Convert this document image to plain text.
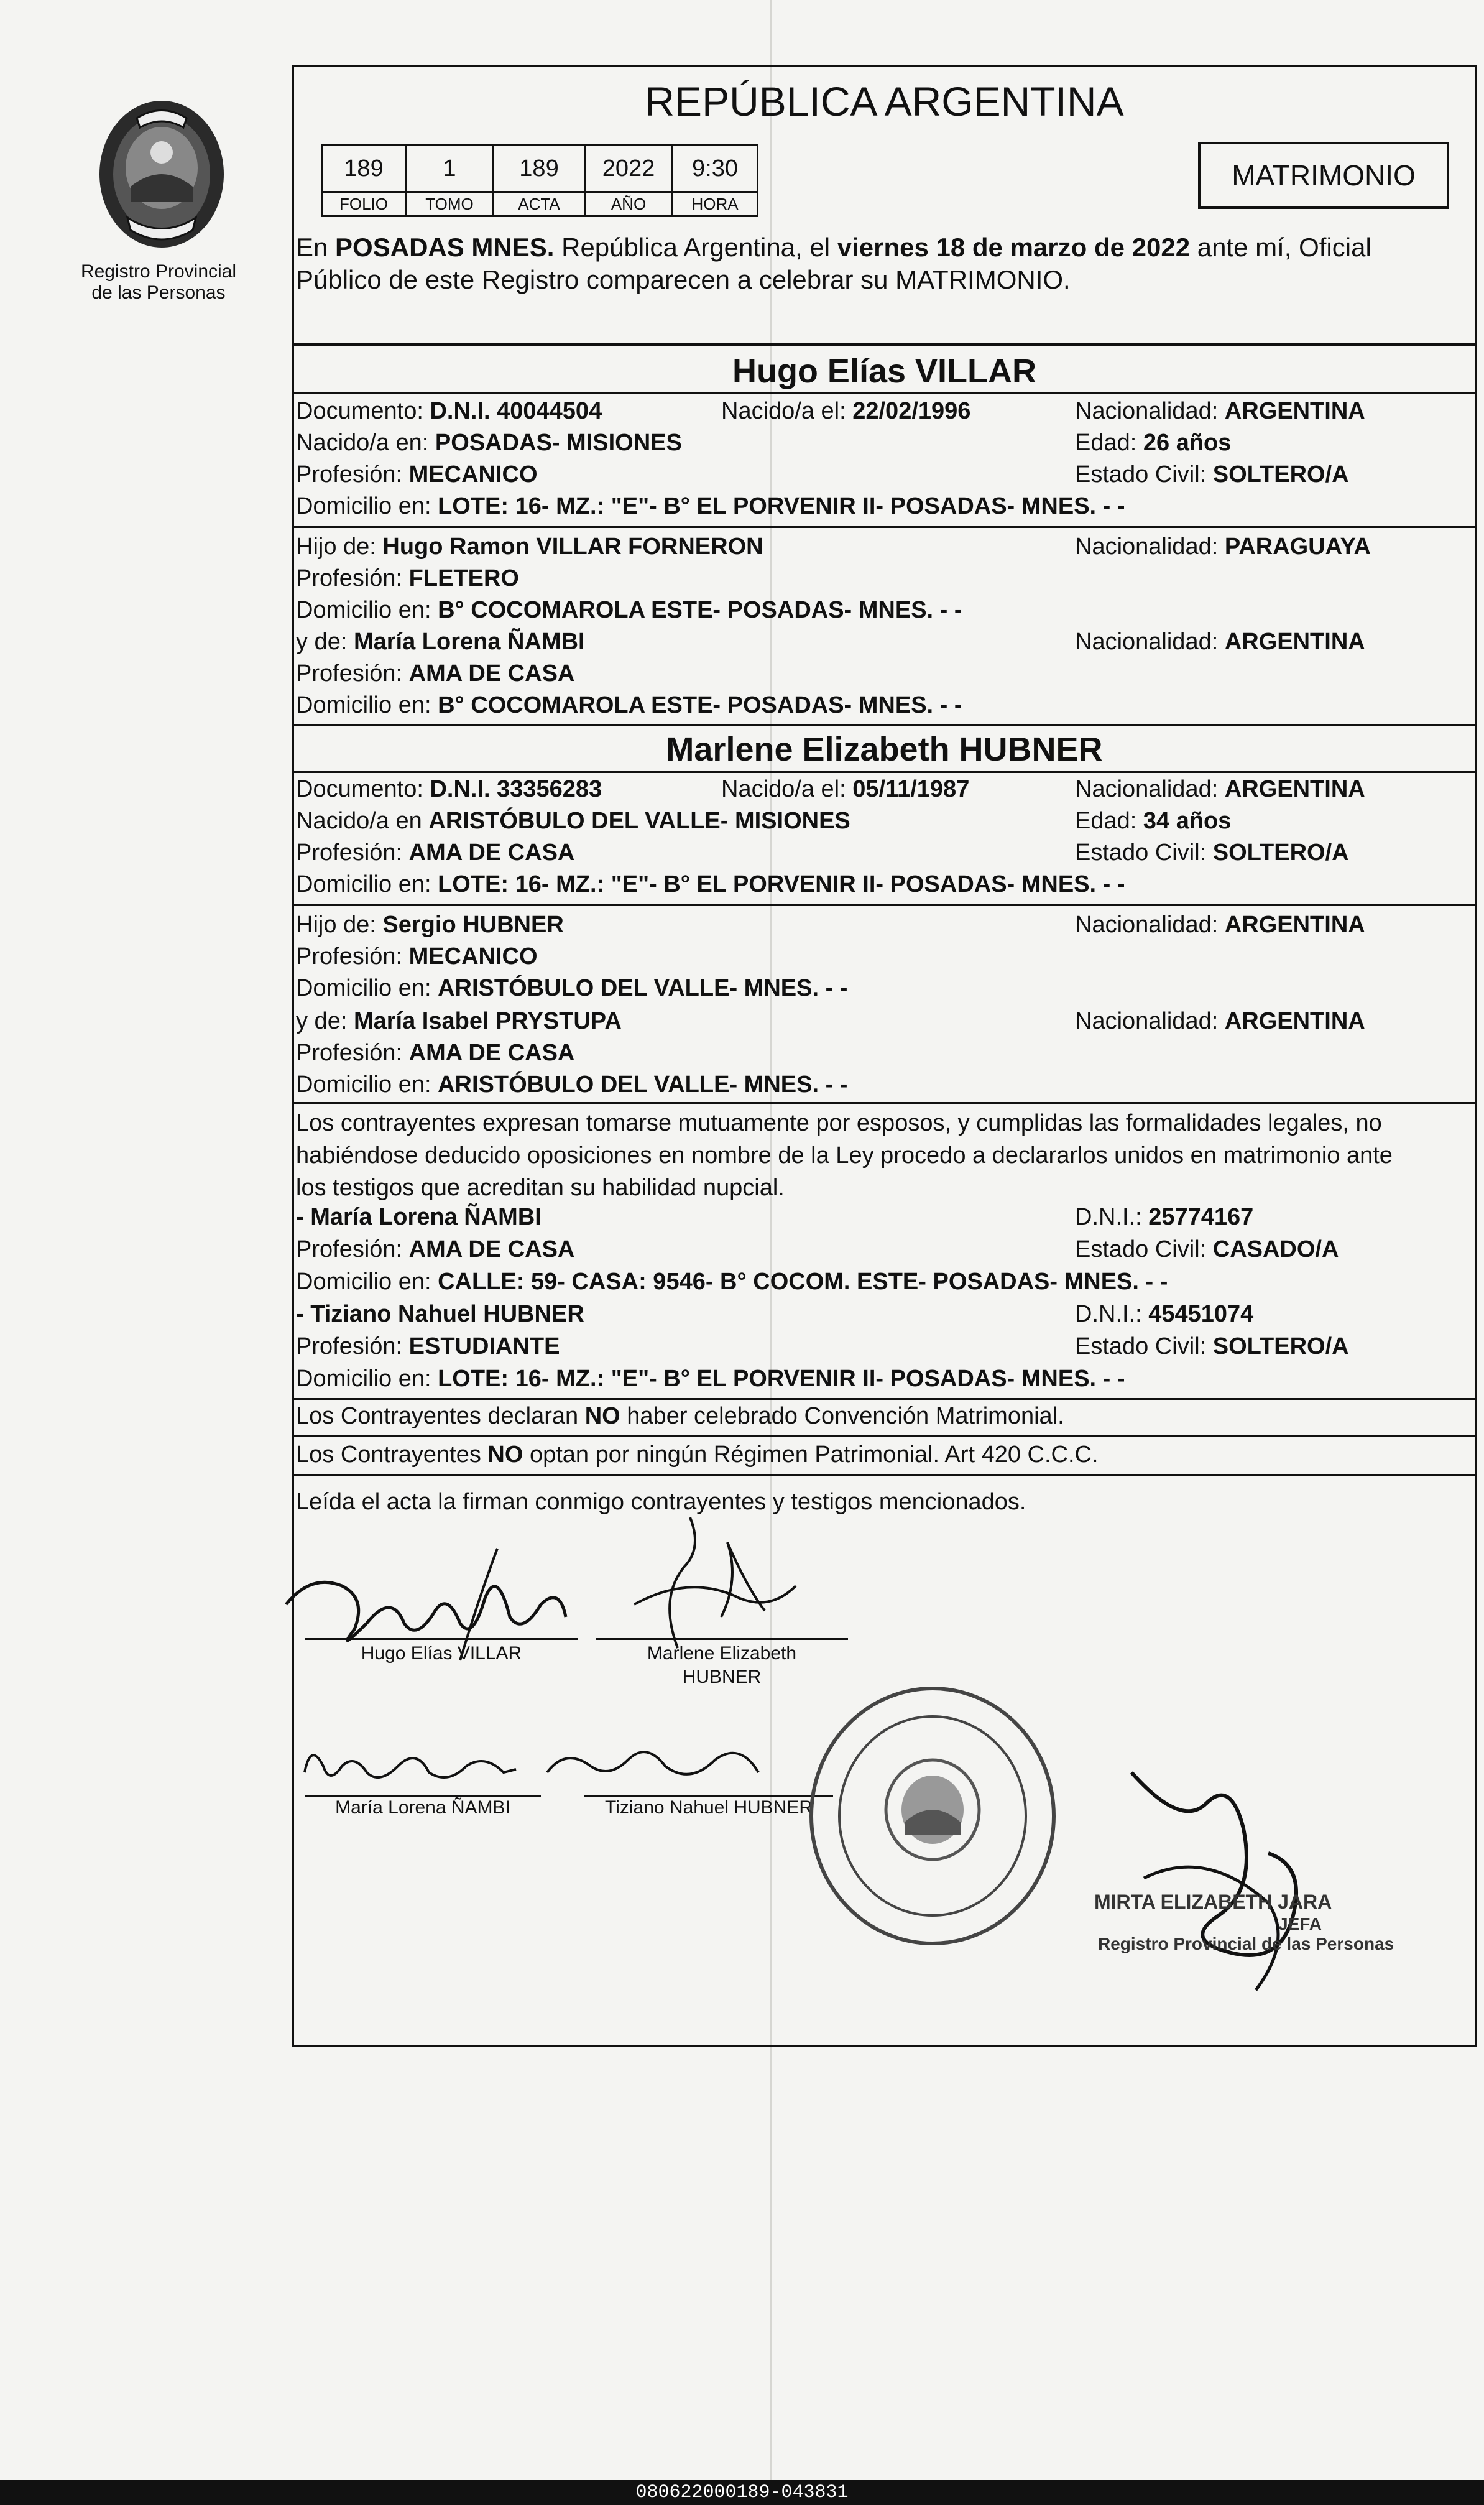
Registro Provincial
de las Personas
REPÚBLICA ARGENTINA
189	1	189	2022	9:30
FOLIO	TOMO	ACTA	AÑO	HORA
MATRIMONIO
En POSADAS MNES. República Argentina, el viernes 18 de marzo de 2022 ante mí, Oficial
Público de este Registro comparecen a celebrar su MATRIMONIO.
Hugo Elías VILLAR
Documento: D.N.I. 40044504	Nacido/a el: 22/02/1996	Nacionalidad: ARGENTINA
Nacido/a en: POSADAS- MISIONES	Edad: 26 años
Profesión: MECANICO	Estado Civil: SOLTERO/A
Domicilio en: LOTE: 16- MZ.: "E"- B° EL PORVENIR II- POSADAS- MNES. - -
Hijo de: Hugo Ramon VILLAR FORNERON	Nacionalidad: PARAGUAYA
Profesión: FLETERO
Domicilio en: B° COCOMAROLA ESTE- POSADAS- MNES. - -
y de: María Lorena ÑAMBI	Nacionalidad: ARGENTINA
Profesión: AMA DE CASA
Domicilio en: B° COCOMAROLA ESTE- POSADAS- MNES. - -
Marlene Elizabeth HUBNER
Documento: D.N.I. 33356283	Nacido/a el: 05/11/1987	Nacionalidad: ARGENTINA
Nacido/a en ARISTÓBULO DEL VALLE- MISIONES	Edad: 34 años
Profesión: AMA DE CASA	Estado Civil: SOLTERO/A
Domicilio en: LOTE: 16- MZ.: "E"- B° EL PORVENIR II- POSADAS- MNES. - -
Hijo de: Sergio HUBNER	Nacionalidad: ARGENTINA
Profesión: MECANICO
Domicilio en: ARISTÓBULO DEL VALLE- MNES. - -
y de: María Isabel PRYSTUPA	Nacionalidad: ARGENTINA
Profesión: AMA DE CASA
Domicilio en: ARISTÓBULO DEL VALLE- MNES. - -
Los contrayentes expresan tomarse mutuamente por esposos, y cumplidas las formalidades legales, no
habiéndose deducido oposiciones en nombre de la Ley procedo a declararlos unidos en matrimonio ante
los testigos que acreditan su habilidad nupcial.
- María Lorena ÑAMBI	D.N.I.: 25774167
Profesión: AMA DE CASA	Estado Civil: CASADO/A
Domicilio en: CALLE: 59- CASA: 9546- B° COCOM. ESTE- POSADAS- MNES. - -
- Tiziano Nahuel HUBNER	D.N.I.: 45451074
Profesión: ESTUDIANTE	Estado Civil: SOLTERO/A
Domicilio en: LOTE: 16- MZ.: "E"- B° EL PORVENIR II- POSADAS- MNES. - -
Los Contrayentes declaran NO haber celebrado Convención Matrimonial.
Los Contrayentes NO optan por ningún Régimen Patrimonial. Art 420 C.C.C.
Leída el acta la firman conmigo contrayentes y testigos mencionados.
Hugo Elías VILLAR	Marlene Elizabeth
HUBNER
María Lorena ÑAMBI	Tiziano Nahuel HUBNER
MIRTA ELIZABETH JARA
JEFA
Registro Provincial de las Personas
080622000189-043831
